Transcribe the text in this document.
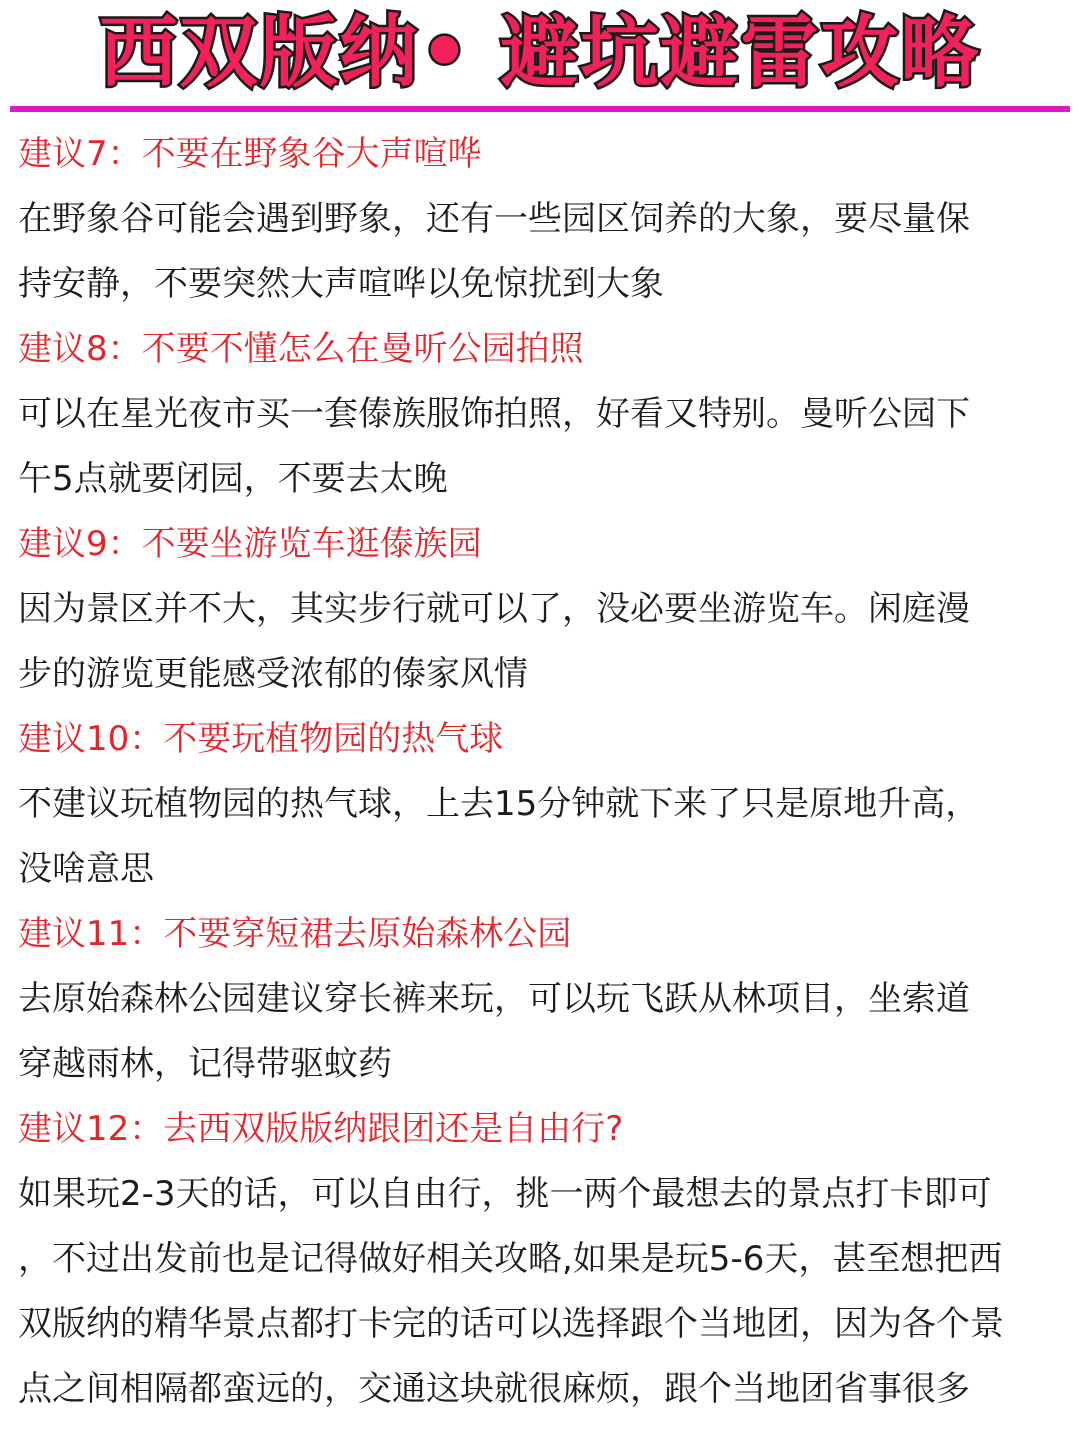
西双版纳• 避坑避雷攻略
建议7：不要在野象谷大声喧哗
在野象谷可能会遇到野象，还有一些园区饲养的大象，要尽量保
持安静，不要突然大声喧哗以免惊扰到大象
建议8：不要不懂怎么在曼听公园拍照
可以在星光夜市买一套傣族服饰拍照，好看又特别。曼听公园下
午5点就要闭园，不要去太晚
建议9：不要坐游览车逛傣族园
因为景区并不大，其实步行就可以了，没必要坐游览车。闲庭漫
步的游览更能感受浓郁的傣家风情
建议10：不要玩植物园的热气球
不建议玩植物园的热气球，上去15分钟就下来了只是原地升高，
没啥意思
建议11：不要穿短裙去原始森林公园
去原始森林公园建议穿长裤来玩，可以玩飞跃从林项目，坐索道
穿越雨林，记得带驱蚊药
建议12：去西双版版纳跟团还是自由行?
如果玩2-3天的话，可以自由行，挑一两个最想去的景点打卡即可
，不过出发前也是记得做好相关攻略,如果是玩5-6天，甚至想把西
双版纳的精华景点都打卡完的话可以选择跟个当地团，因为各个景
点之间相隔都蛮远的，交通这块就很麻烦，跟个当地团省事很多
